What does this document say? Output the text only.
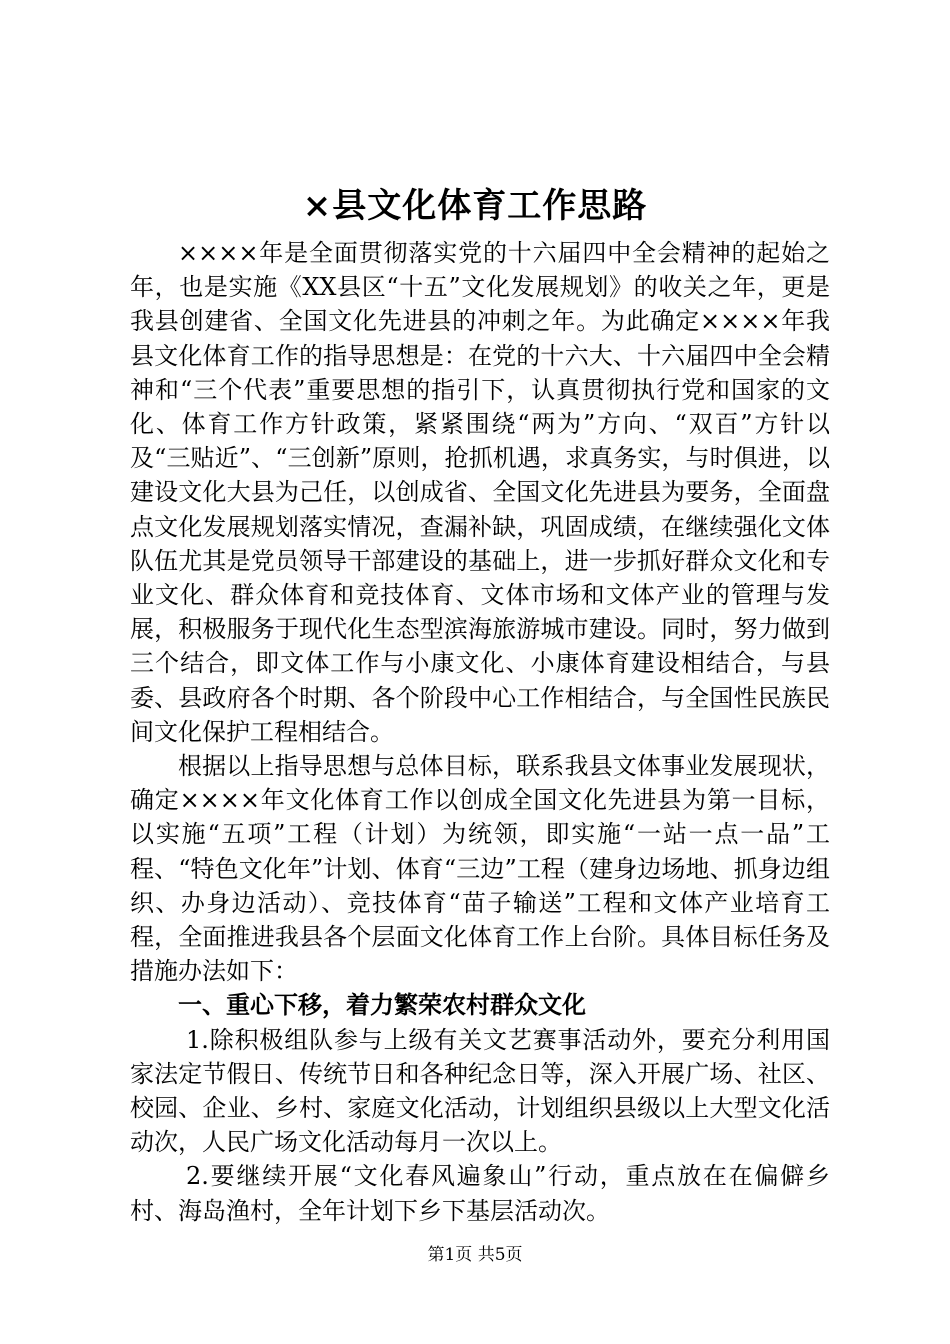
×县文化体育工作思路

××××年是全面贯彻落实党的十六届四中全会精神的起始之年，也是实施《XX县区“十五”文化发展规划》的收关之年，更是我县创建省、全国文化先进县的冲刺之年。为此确定××××年我县文化体育工作的指导思想是：在党的十六大、十六届四中全会精神和“三个代表”重要思想的指引下，认真贯彻执行党和国家的文化、体育工作方针政策，紧紧围绕“两为”方向、“双百”方针以及“三贴近”、“三创新”原则，抢抓机遇，求真务实，与时俱进，以建设文化大县为己任，以创成省、全国文化先进县为要务，全面盘点文化发展规划落实情况，查漏补缺，巩固成绩，在继续强化文体队伍尤其是党员领导干部建设的基础上，进一步抓好群众文化和专业文化、群众体育和竞技体育、文体市场和文体产业的管理与发展，积极服务于现代化生态型滨海旅游城市建设。同时，努力做到三个结合，即文体工作与小康文化、小康体育建设相结合，与县委、县政府各个时期、各个阶段中心工作相结合，与全国性民族民间文化保护工程相结合。

根据以上指导思想与总体目标，联系我县文体事业发展现状，确定××××年文化体育工作以创成全国文化先进县为第一目标，以实施“五项”工程（计划）为统领，即实施“一站一点一品”工程、“特色文化年”计划、体育“三边”工程（建身边场地、抓身边组织、办身边活动）、竞技体育“苗子输送”工程和文体产业培育工程，全面推进我县各个层面文化体育工作上台阶。具体目标任务及措施办法如下：

一、重心下移，着力繁荣农村群众文化

1.除积极组队参与上级有关文艺赛事活动外，要充分利用国家法定节假日、传统节日和各种纪念日等，深入开展广场、社区、校园、企业、乡村、家庭文化活动，计划组织县级以上大型文化活动次，人民广场文化活动每月一次以上。

2.要继续开展“文化春风遍象山”行动，重点放在在偏僻乡村、海岛渔村，全年计划下乡下基层活动次。

第1页 共5页
